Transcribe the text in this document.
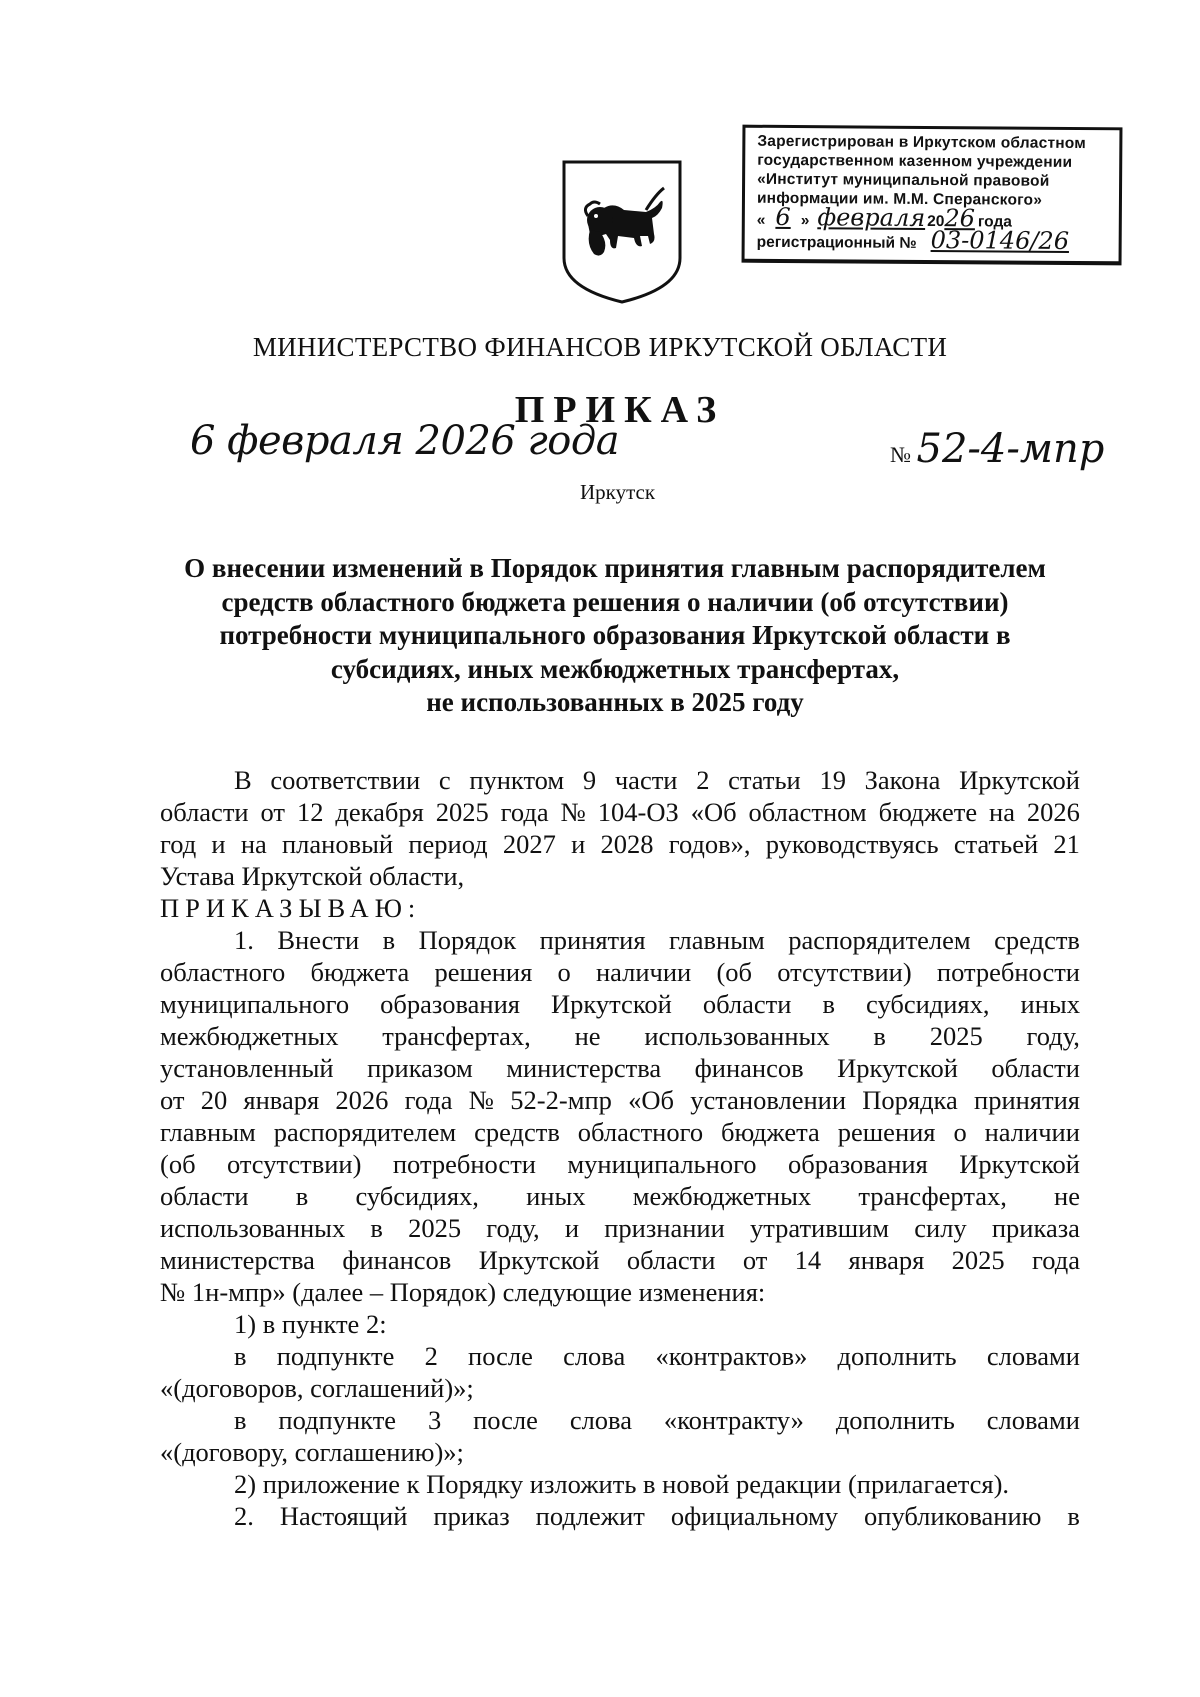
Зарегистрирован в Иркутском областном
государственном казенном учреждении
«Институт муниципальной правовой
информации им. М.М. Сперанского»
« 6 » февраля 20 26 года
регистрационный № 03-0146/26
МИНИСТЕРСТВО ФИНАНСОВ ИРКУТСКОЙ ОБЛАСТИ
ПРИКАЗ
6 февраля 2026 года	№ 52-4-мпр
Иркутск
О внесении изменений в Порядок принятия главным распорядителем
средств областного бюджета решения о наличии (об отсутствии)
потребности муниципального образования Иркутской области в
субсидиях, иных межбюджетных трансфертах,
не использованных в 2025 году
В соответствии с пунктом 9 части 2 статьи 19 Закона Иркутской
области от 12 декабря 2025 года № 104-ОЗ «Об областном бюджете на 2026
год и на плановый период 2027 и 2028 годов», руководствуясь статьей 21
Устава Иркутской области,
ПРИКАЗЫВАЮ:
1. Внести в Порядок принятия главным распорядителем средств
областного бюджета решения о наличии (об отсутствии) потребности
муниципального образования Иркутской области в субсидиях, иных
межбюджетных трансфертах, не использованных в 2025 году,
установленный приказом министерства финансов Иркутской области
от 20 января 2026 года № 52-2-мпр «Об установлении Порядка принятия
главным распорядителем средств областного бюджета решения о наличии
(об отсутствии) потребности муниципального образования Иркутской
области в субсидиях, иных межбюджетных трансфертах, не
использованных в 2025 году, и признании утратившим силу приказа
министерства финансов Иркутской области от 14 января 2025 года
№ 1н-мпр» (далее – Порядок) следующие изменения:
1) в пункте 2:
в подпункте 2 после слова «контрактов» дополнить словами
«(договоров, соглашений)»;
в подпункте 3 после слова «контракту» дополнить словами
«(договору, соглашению)»;
2) приложение к Порядку изложить в новой редакции (прилагается).
2. Настоящий приказ подлежит официальному опубликованию в
